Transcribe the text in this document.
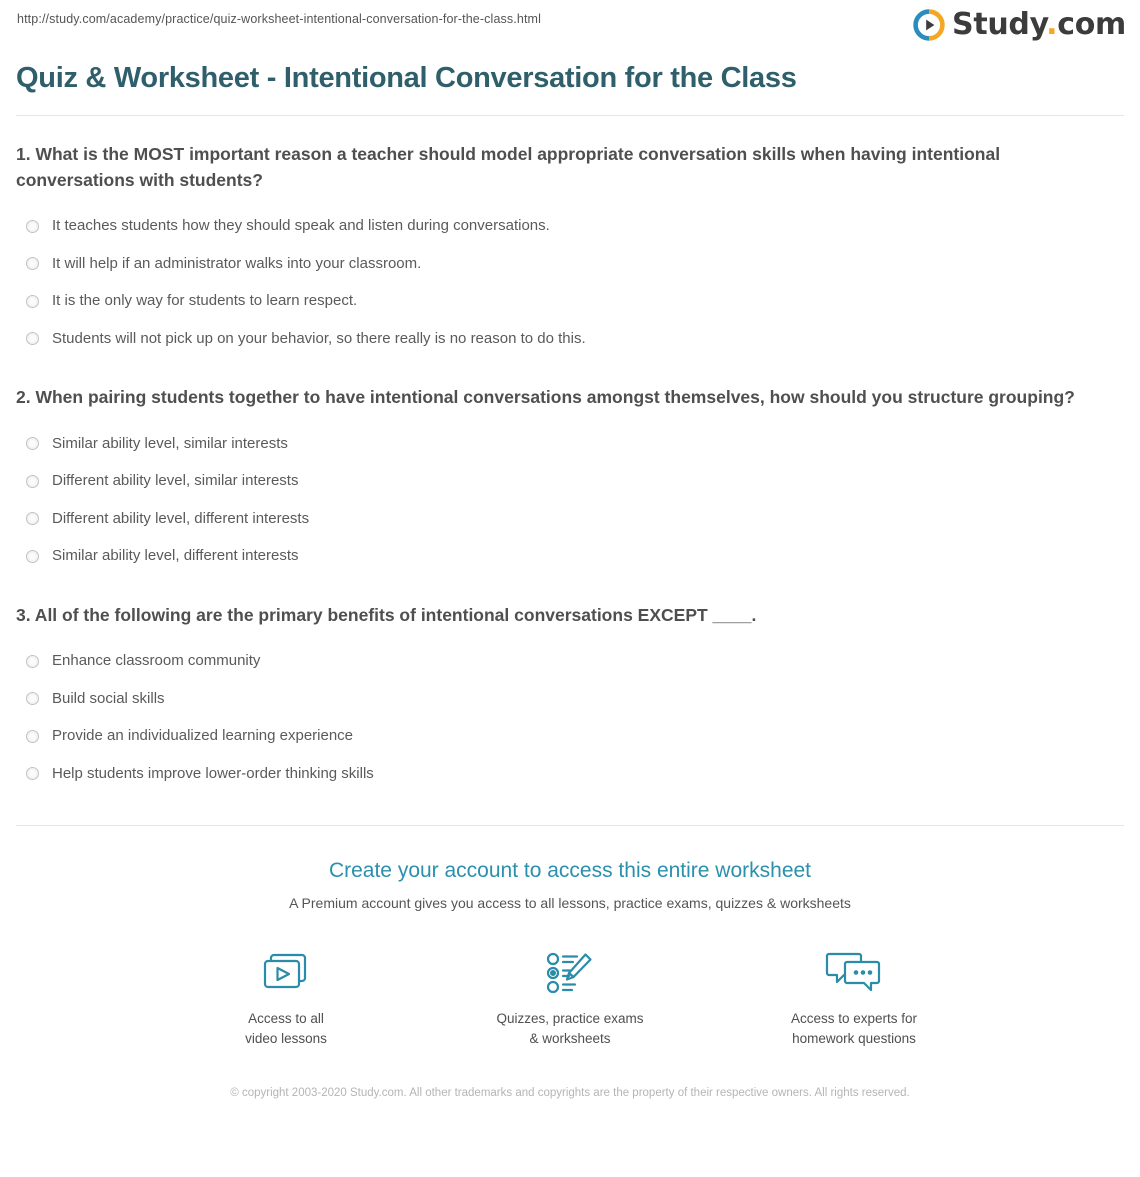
http://study.com/academy/practice/quiz-worksheet-intentional-conversation-for-the-class.html	Study.com
Quiz & Worksheet - Intentional Conversation for the Class

1. What is the MOST important reason a teacher should model appropriate conversation skills when having intentional conversations with students?

It teaches students how they should speak and listen during conversations.
It will help if an administrator walks into your classroom.
It is the only way for students to learn respect.
Students will not pick up on your behavior, so there really is no reason to do this.

2. When pairing students together to have intentional conversations amongst themselves, how should you structure grouping?

Similar ability level, similar interests
Different ability level, similar interests
Different ability level, different interests
Similar ability level, different interests

3. All of the following are the primary benefits of intentional conversations EXCEPT ____.

Enhance classroom community
Build social skills
Provide an individualized learning experience
Help students improve lower-order thinking skills
Create your account to access this entire worksheet

A Premium account gives you access to all lessons, practice exams, quizzes & worksheets

Access to all
video lessons
Quizzes, practice exams
& worksheets
Access to experts for
homework questions
© copyright 2003-2020 Study.com. All other trademarks and copyrights are the property of their respective owners. All rights reserved.
